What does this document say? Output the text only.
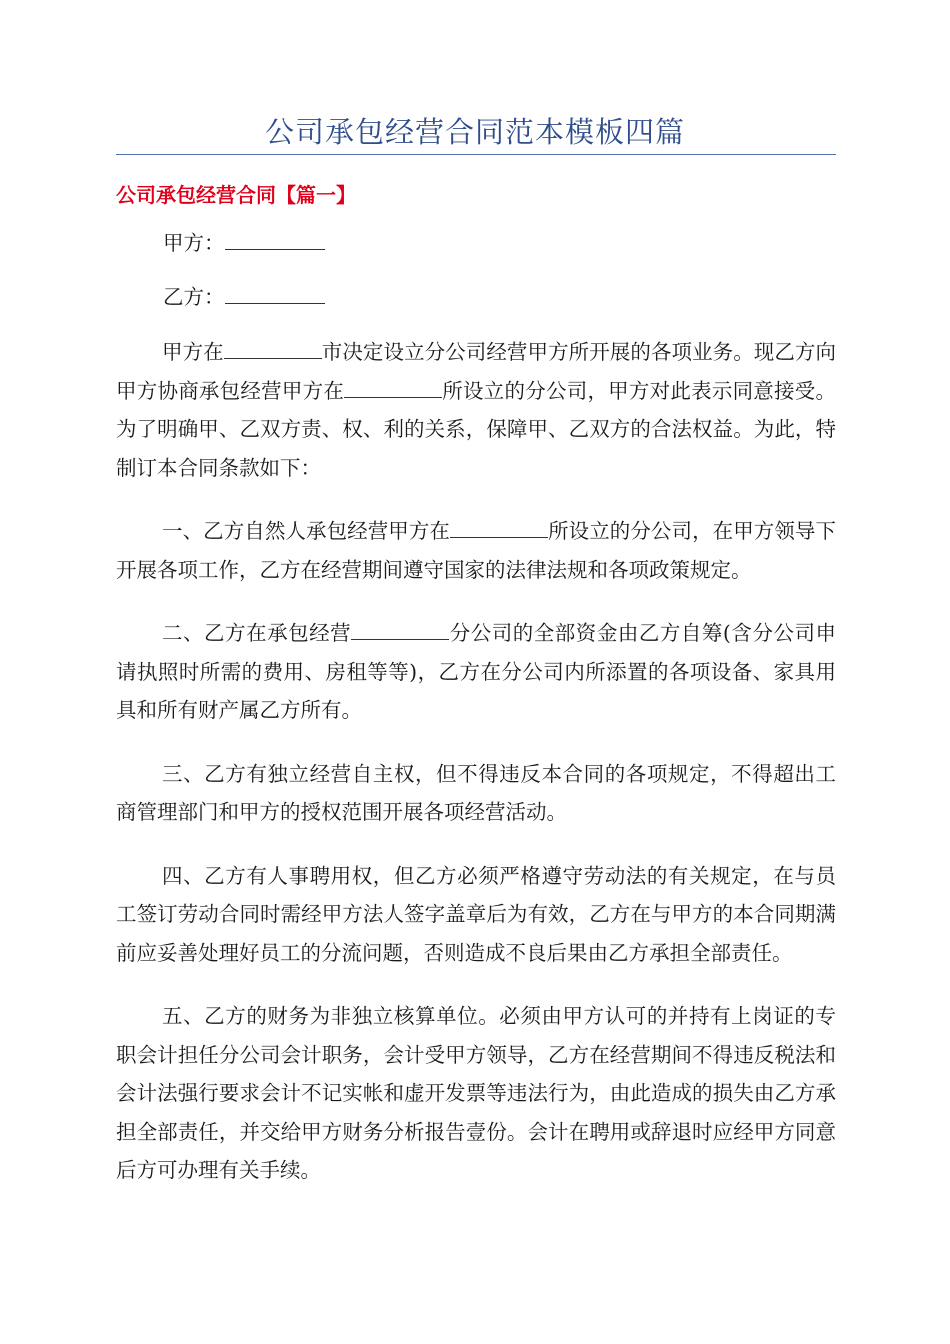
公司承包经营合同范本模板四篇
公司承包经营合同【篇一】
甲方：
乙方：

甲方在	市决定设立分公司经营甲方所开展的各项业务。现乙方向甲方协商承包经营甲方在	所设立的分公司，甲方对此表示同意接受。为了明确甲、乙双方责、权、利的关系，保障甲、乙双方的合法权益。为此，特制订本合同条款如下：

一、乙方自然人承包经营甲方在	所设立的分公司，在甲方领导下开展各项工作，乙方在经营期间遵守国家的法律法规和各项政策规定。

二、乙方在承包经营	分公司的全部资金由乙方自筹(含分公司申请执照时所需的费用、房租等等)，乙方在分公司内所添置的各项设备、家具用具和所有财产属乙方所有。

三、乙方有独立经营自主权，但不得违反本合同的各项规定，不得超出工商管理部门和甲方的授权范围开展各项经营活动。

四、乙方有人事聘用权，但乙方必须严格遵守劳动法的有关规定，在与员工签订劳动合同时需经甲方法人签字盖章后为有效，乙方在与甲方的本合同期满前应妥善处理好员工的分流问题，否则造成不良后果由乙方承担全部责任。

五、乙方的财务为非独立核算单位。必须由甲方认可的并持有上岗证的专职会计担任分公司会计职务，会计受甲方领导，乙方在经营期间不得违反税法和会计法强行要求会计不记实帐和虚开发票等违法行为，由此造成的损失由乙方承担全部责任，并交给甲方财务分析报告壹份。会计在聘用或辞退时应经甲方同意后方可办理有关手续。
